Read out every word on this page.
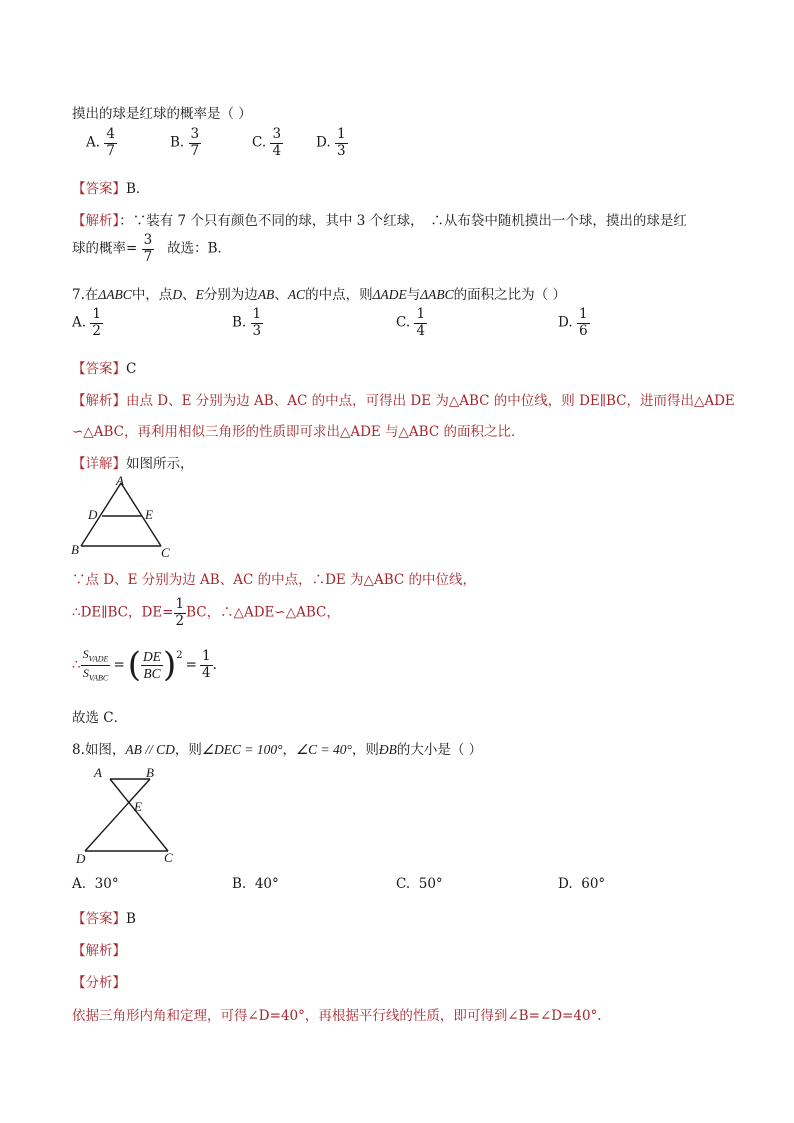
摸出的球是红球的概率是（ ）
A. $\frac{4}{7}$	B. $\frac{3}{7}$	C. $\frac{3}{4} D$. $\frac{1}{3}$
【答案】B．
【解析】：∵装有 7 个只有颜色不同的球，其中 3 个红球，　∴从布袋中随机摸出一个球，摸出的球是红
球的概率= $\frac{3}{7}$ 故选：B．
7.在ΔABC中，点D、E分别为边AB、AC的中点，则ΔADE与ΔABC的面积之比为（ ）
A. $\frac{1}{2}$	B. $\frac{1}{3}$	C. $\frac{1}{4}$	D. $\frac{1}{6}$
【答案】C
【解析】由点 D、E 分别为边 AB、AC 的中点，可得出 DE 为△ABC 的中位线，则 DE∥BC，进而得出△ADE
∽△ABC，再利用相似三角形的性质即可求出△ADE 与△ABC 的面积之比．
【详解】如图所示，
A
D	E
B	C
∵点 D、E 分别为边 AB、AC 的中点，∴DE 为△ABC 的中位线，
∴DE∥BC，$DE= \frac{1}{2}$ BC，∴△ADE∽△ABC，
∴ $\frac{S_{VADE}}{S_{VABC}}$ = ( $\frac{DE}{BC} )^2$
= $\frac{1}{4}$ .
故选 C．
8.如图，AB // CD，则∠DEC = 100°，∠C = 40°，则ÐB的大小是（ ）
A	B
E
D	C
A. 30°	B. 40°	C. 50°	D. 60°
【答案】B
【解析】
【分析】
依据三角形内角和定理，可得∠D=40°，再根据平行线的性质，即可得到∠B=∠D=40°.
